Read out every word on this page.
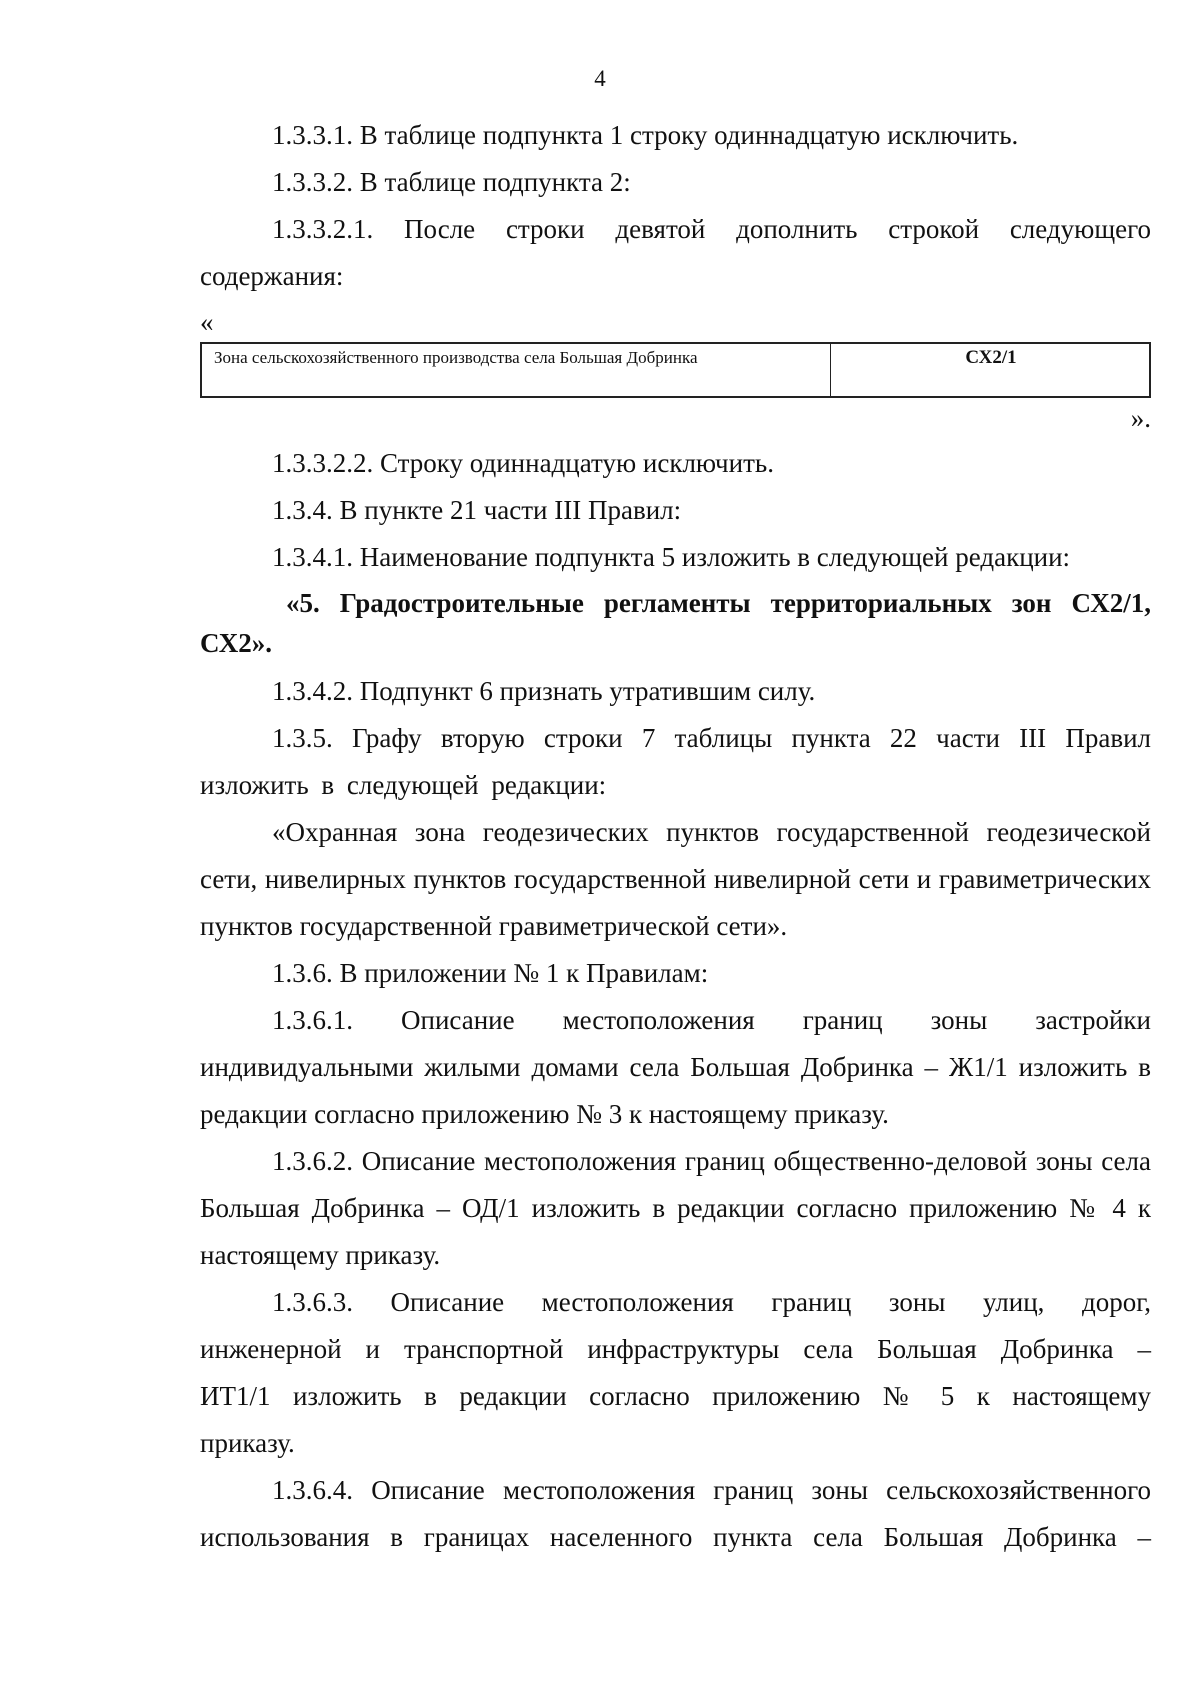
4

1.3.3.1. В таблице подпункта 1 строку одиннадцатую исключить.

1.3.3.2. В таблице подпункта 2:

1.3.3.2.1. После строки девятой дополнить строкой следующего содержания:

«

Зона сельскохозяйственного производства села Большая Добринка	СХ2/1

».

1.3.3.2.2. Строку одиннадцатую исключить.

1.3.4. В пункте 21 части III Правил:

1.3.4.1. Наименование подпункта 5 изложить в следующей редакции:

«5. Градостроительные регламенты территориальных зон СХ2/1, СХ2».

1.3.4.2. Подпункт 6 признать утратившим силу.

1.3.5. Графу вторую строки 7 таблицы пункта 22 части III Правил изложить в следующей редакции:

«Охранная зона геодезических пунктов государственной геодезической сети, нивелирных пунктов государственной нивелирной сети и гравиметрических пунктов государственной гравиметрической сети».

1.3.6. В приложении № 1 к Правилам:

1.3.6.1. Описание местоположения границ зоны застройки индивидуальными жилыми домами села Большая Добринка – Ж1/1 изложить в редакции согласно приложению № 3 к настоящему приказу.

1.3.6.2. Описание местоположения границ общественно-деловой зоны села Большая Добринка – ОД/1 изложить в редакции согласно приложению № 4 к настоящему приказу.

1.3.6.3. Описание местоположения границ зоны улиц, дорог, инженерной и транспортной инфраструктуры села Большая Добринка – ИТ1/1 изложить в редакции согласно приложению № 5 к настоящему приказу.

1.3.6.4. Описание местоположения границ зоны сельскохозяйственного использования в границах населенного пункта села Большая Добринка –
